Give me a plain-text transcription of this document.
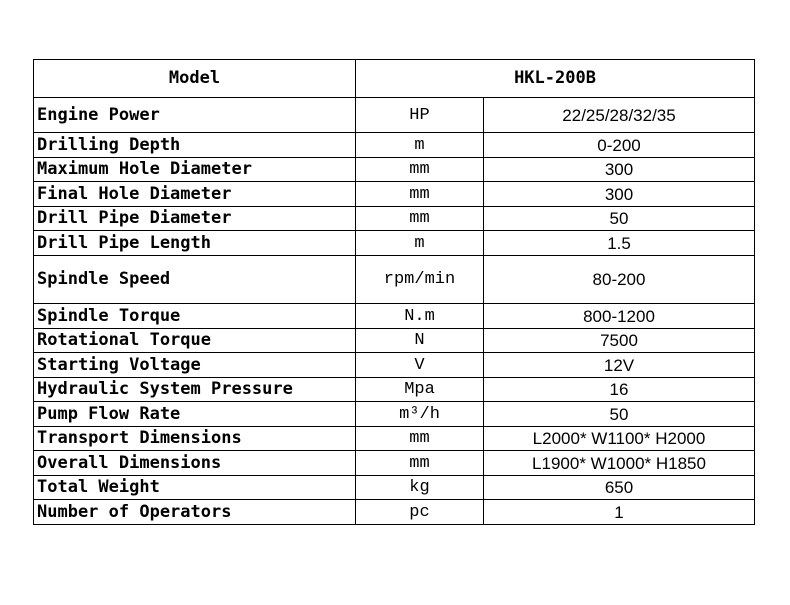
Model	HKL-200B	
Engine Power	HP	22/25/28/32/35
Drilling Depth	m	0-200
Maximum Hole Diameter	mm	300
Final Hole Diameter	mm	300
Drill Pipe Diameter	mm	50
Drill Pipe Length	m	1.5
Spindle Speed	rpm/min	80-200
Spindle Torque	N.m	800-1200
Rotational Torque	N	7500
Starting Voltage	V	12V
Hydraulic System Pressure	Mpa	16
Pump Flow Rate	m³/h	50
Transport Dimensions	mm	L2000* W1100* H2000
Overall Dimensions	mm	L1900* W1000* H1850
Total Weight	kg	650
Number of Operators	pc	1
